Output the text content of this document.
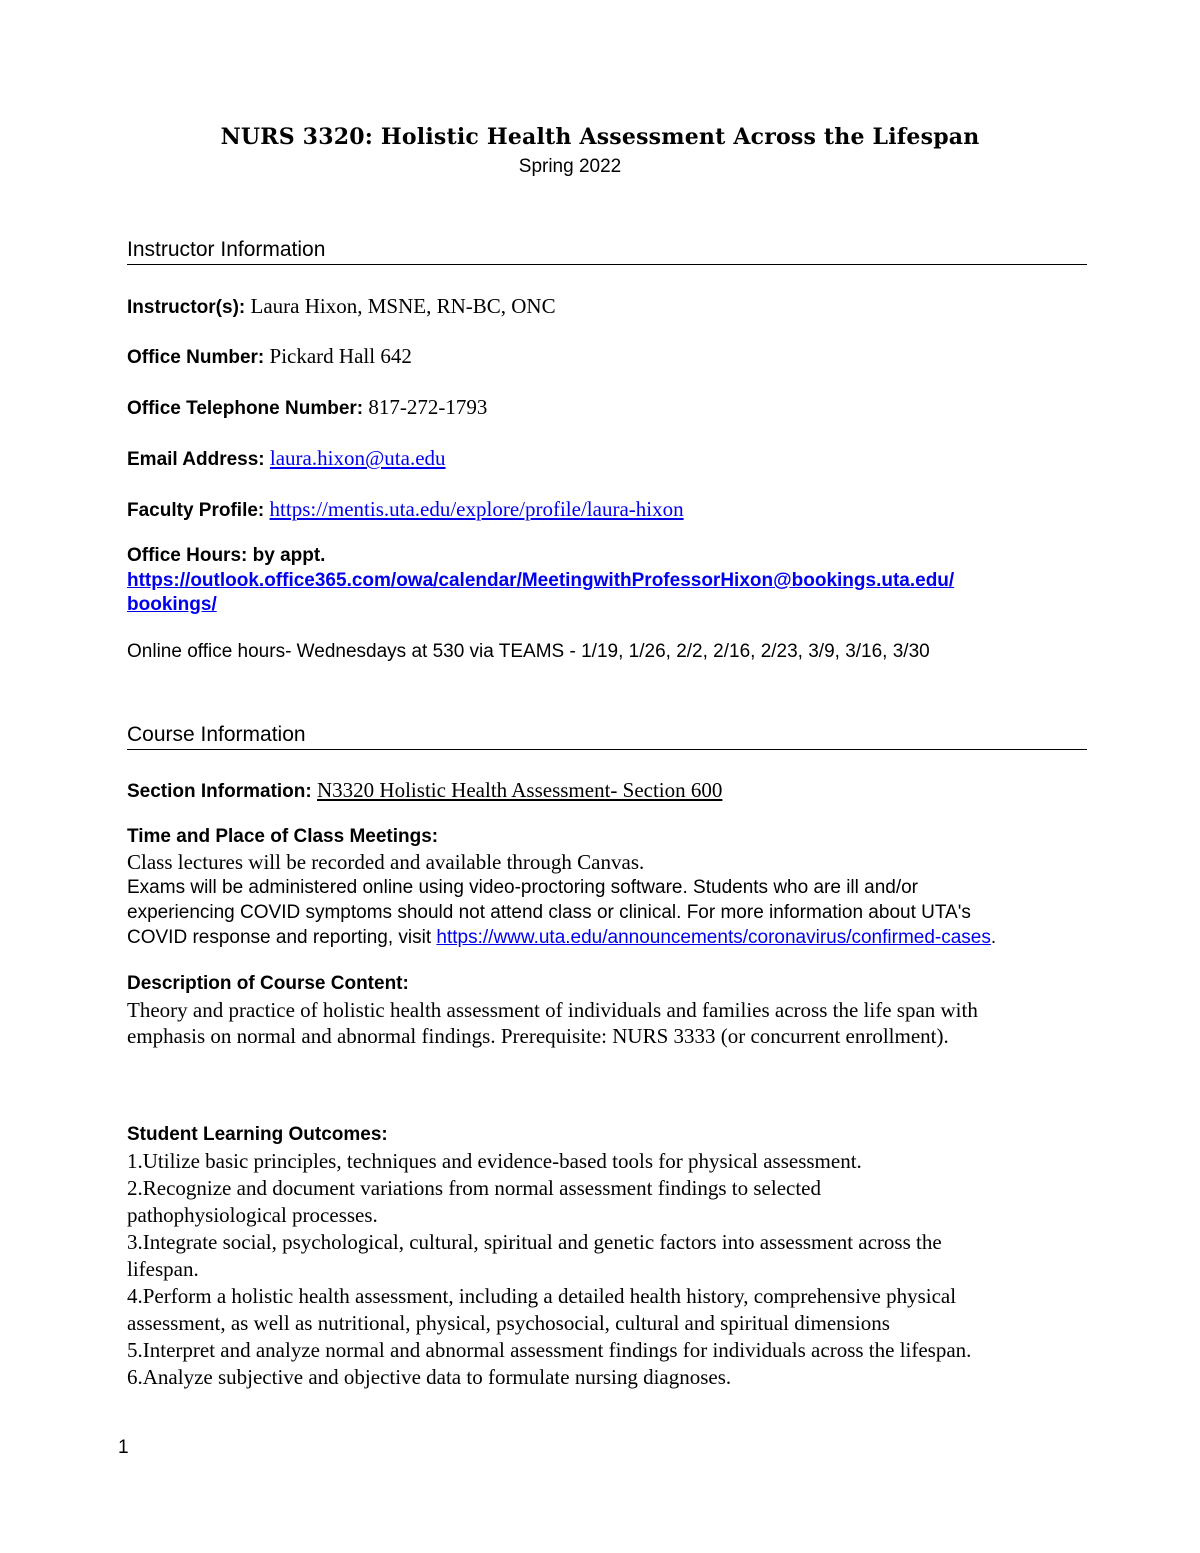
NURS 3320: Holistic Health Assessment Across the Lifespan
Spring 2022
Instructor Information
Instructor(s): Laura Hixon, MSNE, RN-BC, ONC
Office Number: Pickard Hall 642
Office Telephone Number: 817-272-1793
Email Address: laura.hixon@uta.edu
Faculty Profile: https://mentis.uta.edu/explore/profile/laura-hixon
Office Hours: by appt.
https://outlook.office365.com/owa/calendar/MeetingwithProfessorHixon@bookings.uta.edu/
bookings/
Online office hours- Wednesdays at 530 via TEAMS - 1/19, 1/26, 2/2, 2/16, 2/23, 3/9, 3/16, 3/30
Course Information
Section Information: N3320 Holistic Health Assessment- Section 600
Time and Place of Class Meetings:
Class lectures will be recorded and available through Canvas.
Exams will be administered online using video-proctoring software. Students who are ill and/or
experiencing COVID symptoms should not attend class or clinical. For more information about UTA's
COVID response and reporting, visit https://www.uta.edu/announcements/coronavirus/confirmed-cases.
Description of Course Content:
Theory and practice of holistic health assessment of individuals and families across the life span with
emphasis on normal and abnormal findings. Prerequisite: NURS 3333 (or concurrent enrollment).
Student Learning Outcomes:
1.Utilize basic principles, techniques and evidence-based tools for physical assessment.
2.Recognize and document variations from normal assessment findings to selected
pathophysiological processes.
3.Integrate social, psychological, cultural, spiritual and genetic factors into assessment across the
lifespan.
4.Perform a holistic health assessment, including a detailed health history, comprehensive physical
assessment, as well as nutritional, physical, psychosocial, cultural and spiritual dimensions
5.Interpret and analyze normal and abnormal assessment findings for individuals across the lifespan.
6.Analyze subjective and objective data to formulate nursing diagnoses.
1
